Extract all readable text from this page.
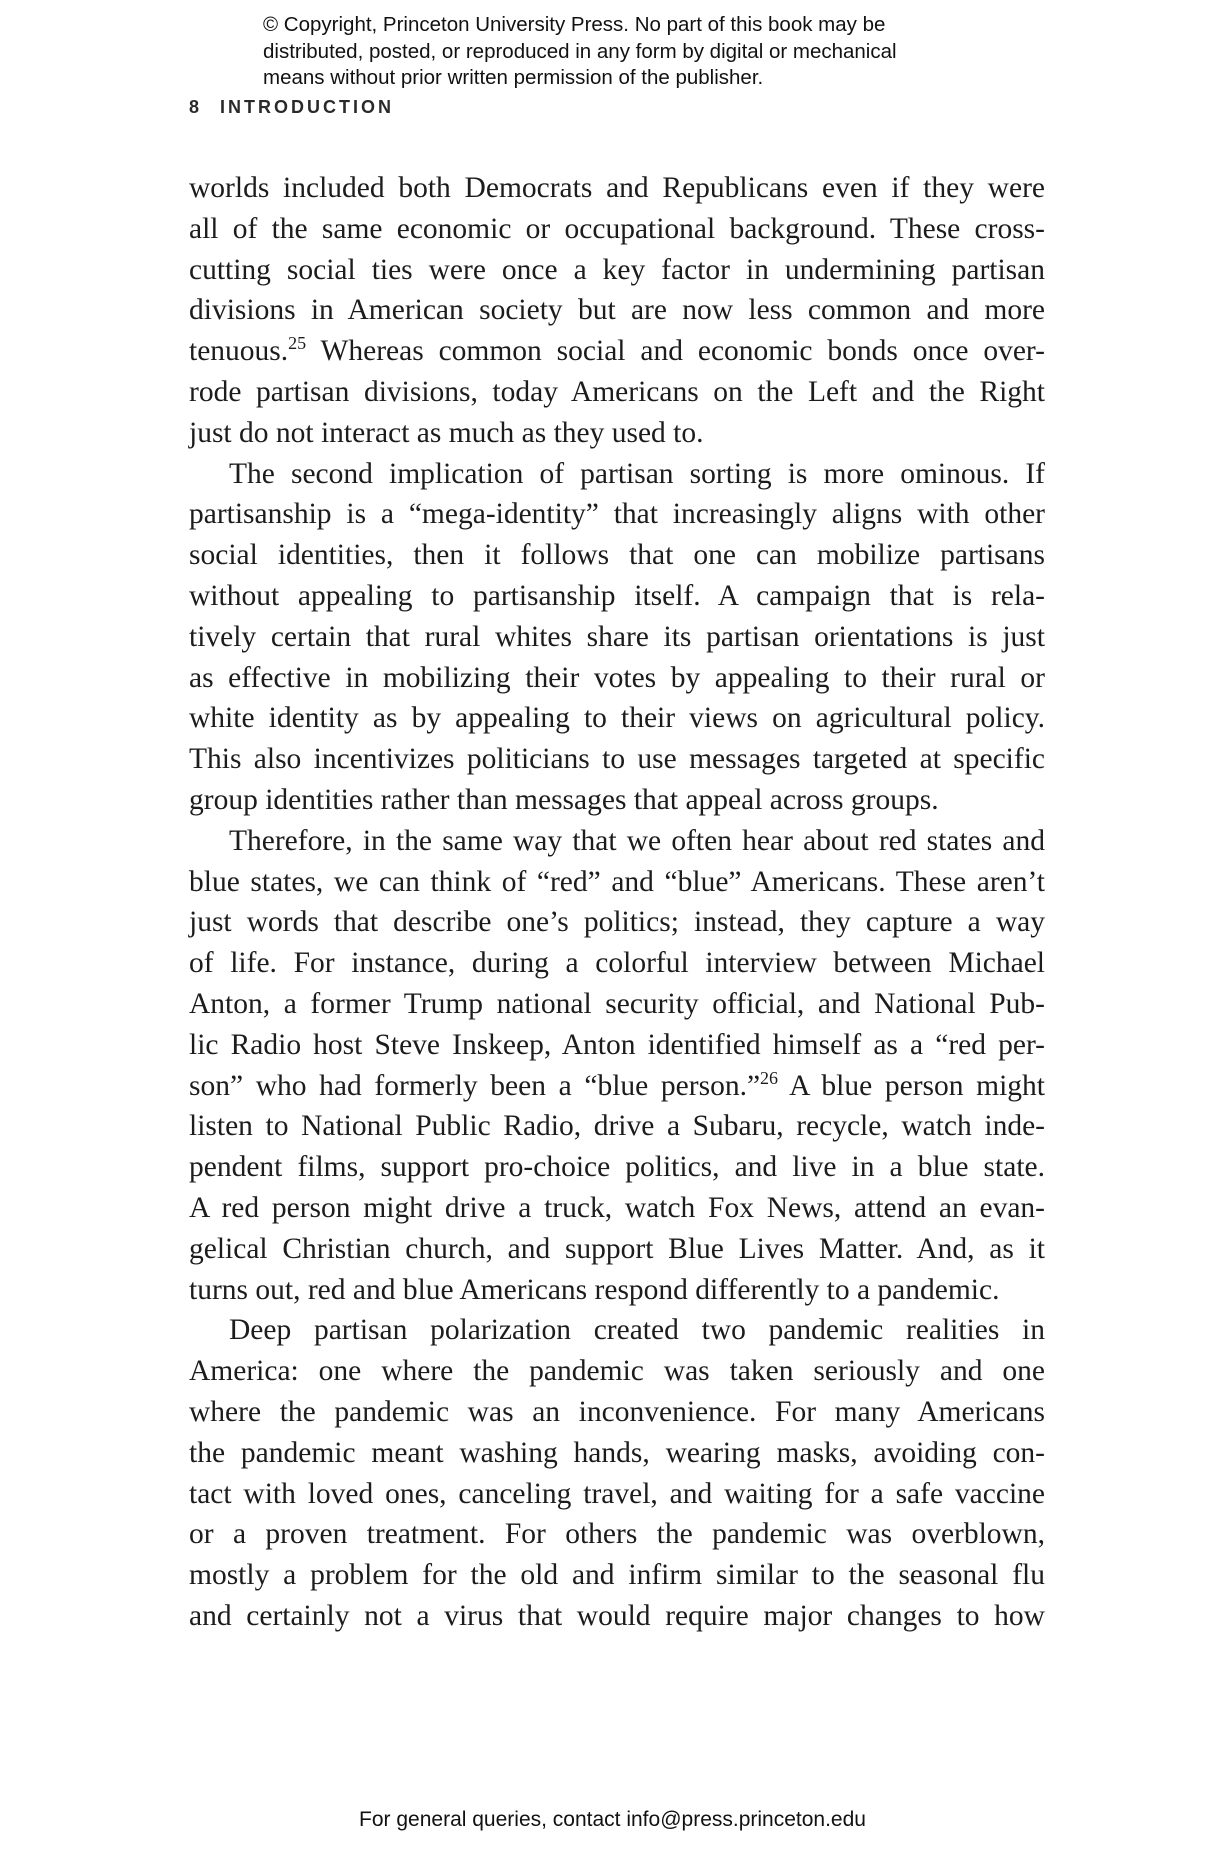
© Copyright, Princeton University Press. No part of this book may be
distributed, posted, or reproduced in any form by digital or mechanical
means without prior written permission of the publisher.
8 INTRODUCTION
worlds included both Democrats and Republicans even if they were
all of the same economic or occupational background. These cross-
cutting social ties were once a key factor in undermining partisan
divisions in American society but are now less common and more
tenuous.$^{25}$ Whereas common social and economic bonds once over-
rode partisan divisions, today Americans on the Left and the Right
just do not interact as much as they used to.
The second implication of partisan sorting is more ominous. If
partisanship is a “mega-identity” that increasingly aligns with other
social identities, then it follows that one can mobilize partisans
without appealing to partisanship itself. A campaign that is rela-
tively certain that rural whites share its partisan orientations is just
as effective in mobilizing their votes by appealing to their rural or
white identity as by appealing to their views on agricultural policy.
This also incentivizes politicians to use messages targeted at specific
group identities rather than messages that appeal across groups.
Therefore, in the same way that we often hear about red states and
blue states, we can think of “red” and “blue” Americans. These aren’t
just words that describe one’s politics; instead, they capture a way
of life. For instance, during a colorful interview between Michael
Anton, a former Trump national security official, and National Pub-
lic Radio host Steve Inskeep, Anton identified himself as a “red per-
son” who had formerly been a “blue person.”$^{26}$ A blue person might
listen to National Public Radio, drive a Subaru, recycle, watch inde-
pendent films, support pro-choice politics, and live in a blue state.
A red person might drive a truck, watch Fox News, attend an evan-
gelical Christian church, and support Blue Lives Matter. And, as it
turns out, red and blue Americans respond differently to a pandemic.
Deep partisan polarization created two pandemic realities in
America: one where the pandemic was taken seriously and one
where the pandemic was an inconvenience. For many Americans
the pandemic meant washing hands, wearing masks, avoiding con-
tact with loved ones, canceling travel, and waiting for a safe vaccine
or a proven treatment. For others the pandemic was overblown,
mostly a problem for the old and infirm similar to the seasonal flu
and certainly not a virus that would require major changes to how
For general queries, contact info@press.princeton.edu
